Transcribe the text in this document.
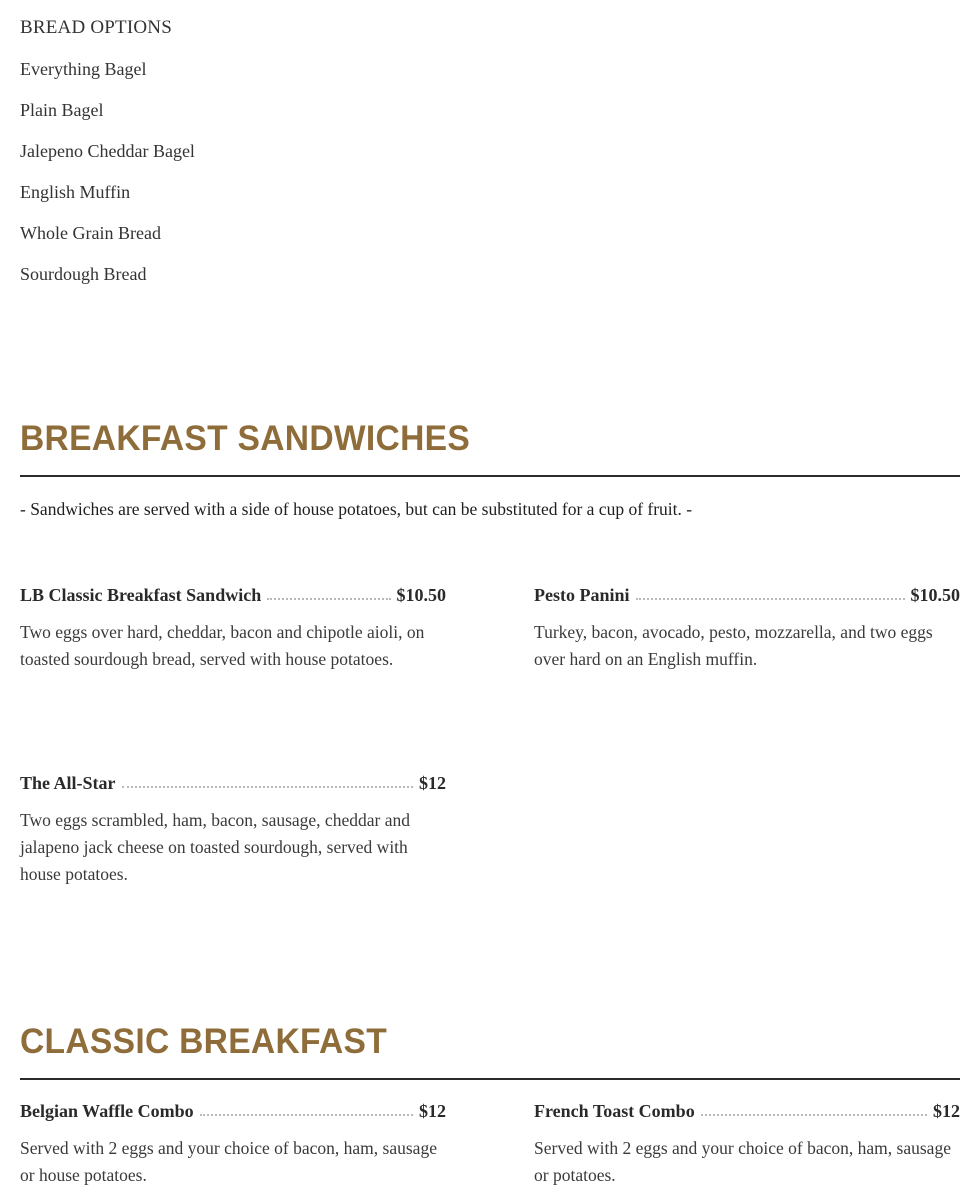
BREAD OPTIONS
Everything Bagel
Plain Bagel
Jalepeno Cheddar Bagel
English Muffin
Whole Grain Bread
Sourdough Bread
BREAKFAST SANDWICHES
- Sandwiches are served with a side of house potatoes, but can be substituted for a cup of fruit. -
LB Classic Breakfast Sandwich	$10.50

Two eggs over hard, cheddar, bacon and chipotle aioli, on toasted sourdough bread, served with house potatoes.

Pesto Panini	$10.50

Turkey, bacon, avocado, pesto, mozzarella, and two eggs over hard on an English muffin.

The All-Star	$12

Two eggs scrambled, ham, bacon, sausage, cheddar and jalapeno jack cheese on toasted sourdough, served with house potatoes.

CLASSIC BREAKFAST
Belgian Waffle Combo	$12

Served with 2 eggs and your choice of bacon, ham, sausage or house potatoes.

French Toast Combo	$12

Served with 2 eggs and your choice of bacon, ham, sausage or potatoes.
